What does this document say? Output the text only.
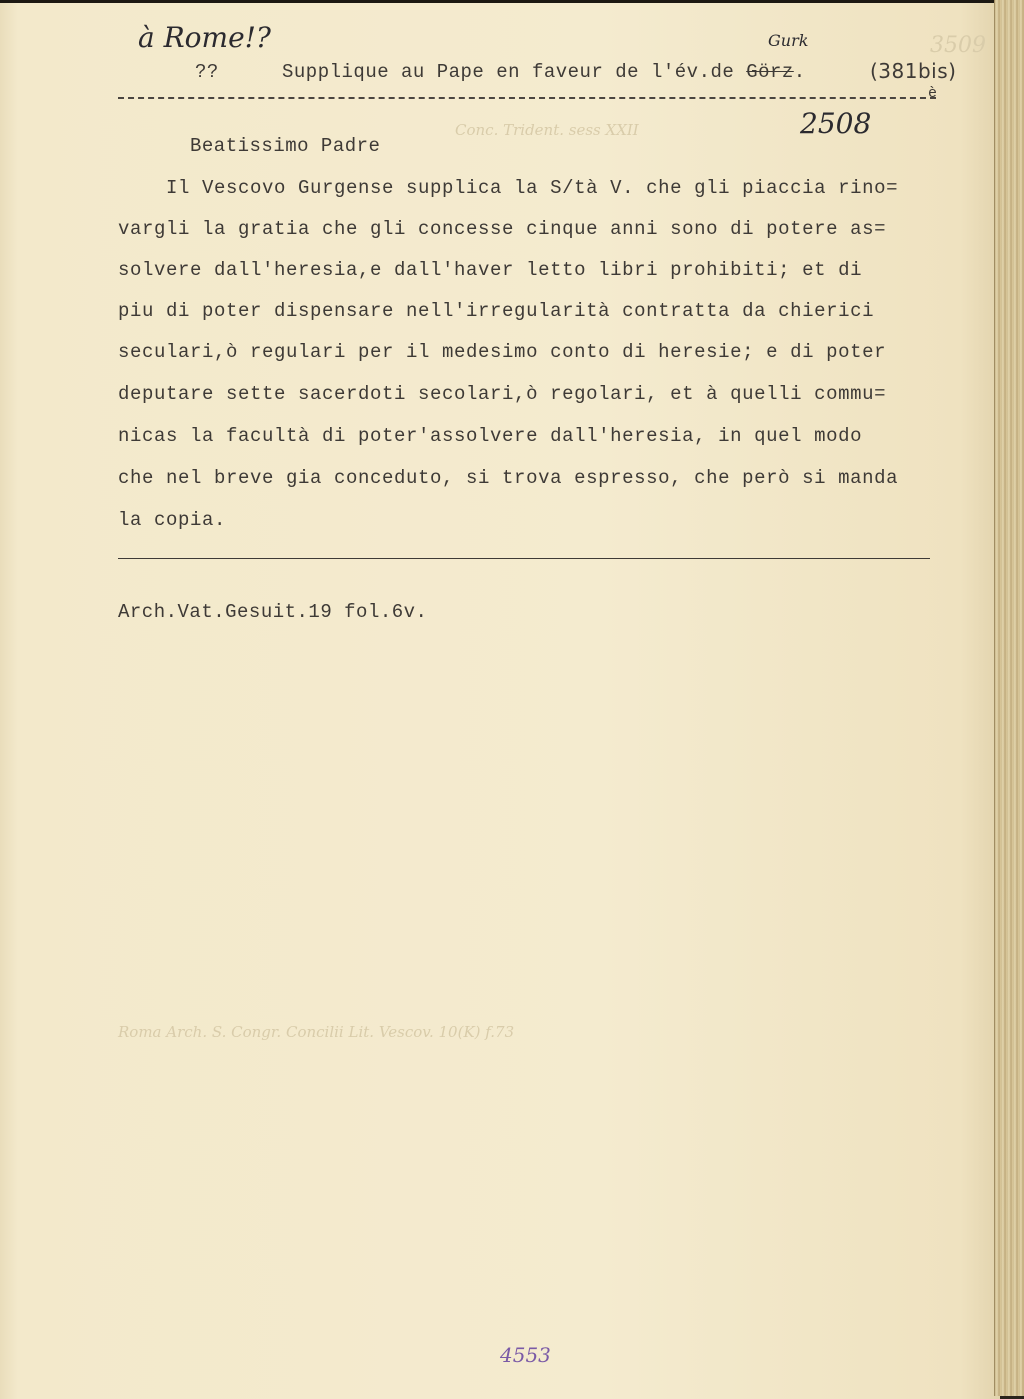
3509
Conc. Trident. sess XXII
Roma Arch. S. Congr. Concilii Lit. Vescov. 10(K) f.73
à Rome!?	Gurk
2508
4553
??	Supplique au Pape en faveur de l'év.de Görz.	(381bis)
è
Beatissimo Padre
Il Vescovo Gurgense supplica la S/tà V. che gli piaccia rino=
vargli la gratia che gli concesse cinque anni sono di potere as=
solvere dall'heresia,e dall'haver letto libri prohibiti; et di
piu di poter dispensare nell'irregularità contratta da chierici
seculari,ò regulari per il medesimo conto di heresie; e di poter
deputare sette sacerdoti secolari,ò regolari, et à quelli commu=
nicas la facultà di poter'assolvere dall'heresia, in quel modo
che nel breve gia conceduto, si trova espresso, che però si manda
la copia.
Arch.Vat.Gesuit.19 fol.6v.
